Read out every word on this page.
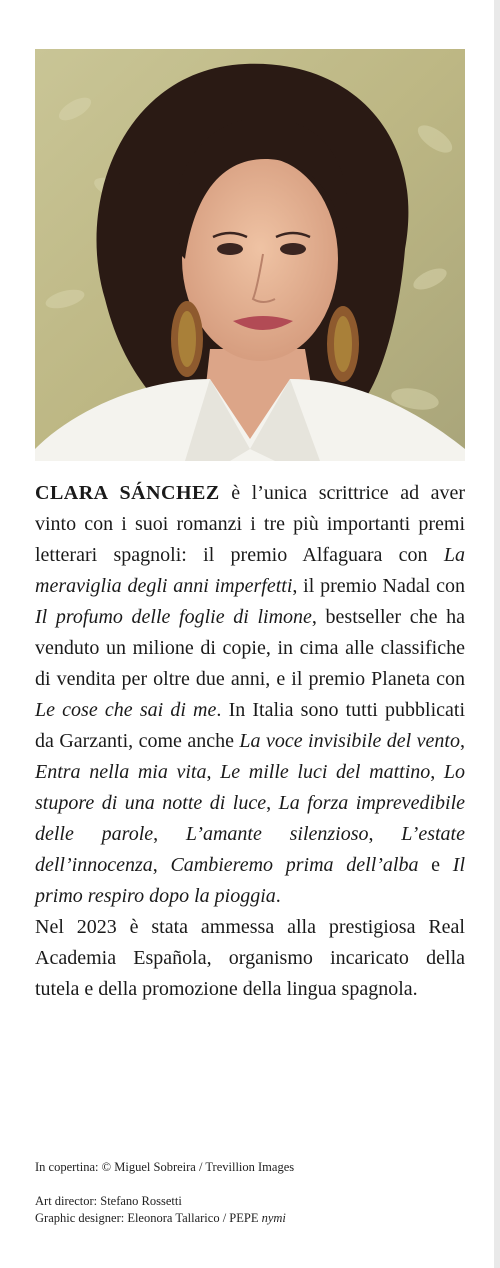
CLARA SÁNCHEZ è l’unica scrittrice ad aver vinto con i suoi romanzi i tre più importanti premi letterari spagnoli: il premio Alfaguara con La meraviglia degli anni imperfetti, il premio Nadal con Il profumo delle foglie di limone, bestseller che ha venduto un milione di copie, in cima alle classifiche di vendita per oltre due anni, e il premio Planeta con Le cose che sai di me. In Italia sono tutti pubblicati da Garzanti, come anche La voce invisibile del vento, Entra nella mia vita, Le mille luci del mattino, Lo stupore di una notte di luce, La forza imprevedibile delle parole, L’amante silenzioso, L’estate dell’innocenza, Cambieremo prima dell’alba e Il primo respiro dopo la pioggia.

Nel 2023 è stata ammessa alla prestigiosa Real Academia Española, organismo incaricato della tutela e della promozione della lingua spagnola.

In copertina: © Miguel Sobreira / Trevillion Images
Art director: Stefano Rossetti
Graphic designer: Eleonora Tallarico / PEPE nymi
